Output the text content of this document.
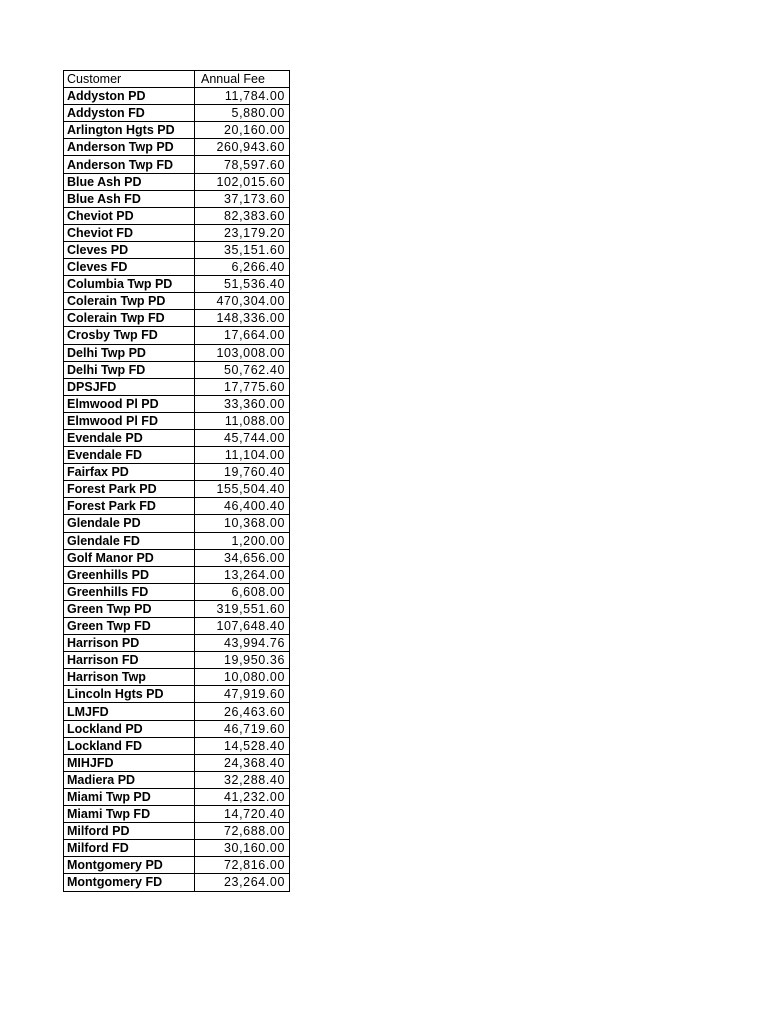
Customer	Annual Fee
Addyston PD	11,784.00
Addyston FD	5,880.00
Arlington Hgts PD	20,160.00
Anderson Twp PD	260,943.60
Anderson Twp FD	78,597.60
Blue Ash PD	102,015.60
Blue Ash FD	37,173.60
Cheviot PD	82,383.60
Cheviot FD	23,179.20
Cleves PD	35,151.60
Cleves FD	6,266.40
Columbia Twp PD	51,536.40
Colerain Twp PD	470,304.00
Colerain Twp FD	148,336.00
Crosby Twp FD	17,664.00
Delhi Twp PD	103,008.00
Delhi Twp FD	50,762.40
DPSJFD	17,775.60
Elmwood Pl PD	33,360.00
Elmwood Pl FD	11,088.00
Evendale PD	45,744.00
Evendale FD	11,104.00
Fairfax PD	19,760.40
Forest Park PD	155,504.40
Forest Park FD	46,400.40
Glendale PD	10,368.00
Glendale FD	1,200.00
Golf Manor PD	34,656.00
Greenhills PD	13,264.00
Greenhills FD	6,608.00
Green Twp PD	319,551.60
Green Twp FD	107,648.40
Harrison PD	43,994.76
Harrison FD	19,950.36
Harrison Twp	10,080.00
Lincoln Hgts PD	47,919.60
LMJFD	26,463.60
Lockland PD	46,719.60
Lockland FD	14,528.40
MIHJFD	24,368.40
Madiera PD	32,288.40
Miami Twp PD	41,232.00
Miami Twp FD	14,720.40
Milford PD	72,688.00
Milford FD	30,160.00
Montgomery PD	72,816.00
Montgomery FD	23,264.00
